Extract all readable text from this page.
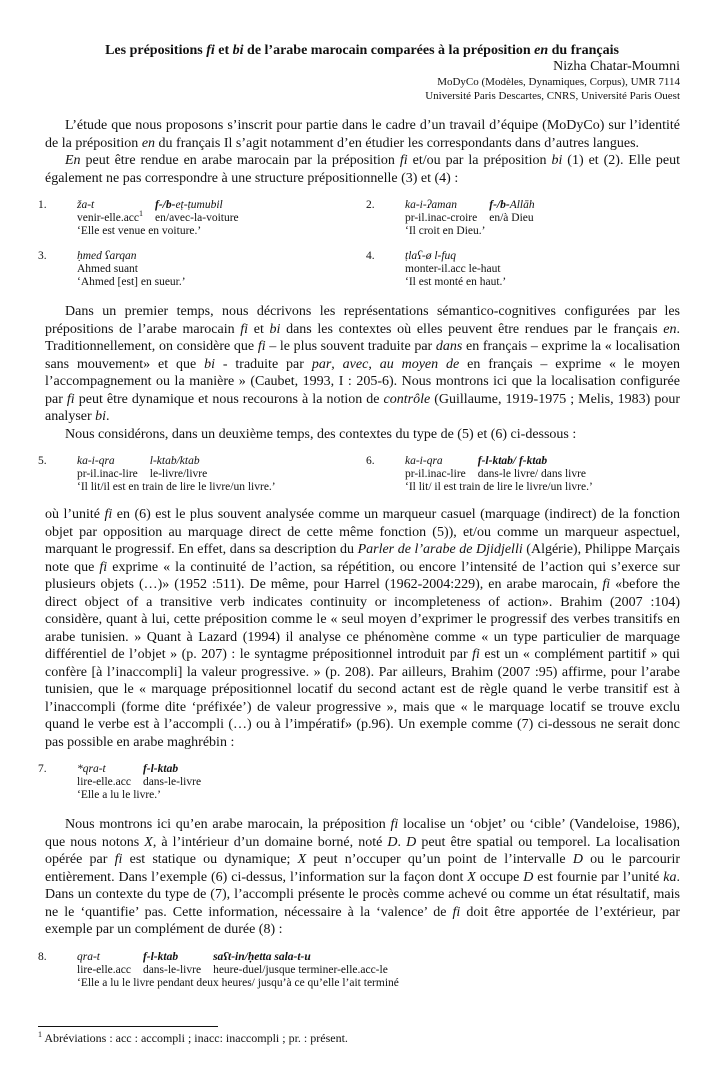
Les prépositions fi et bi de l’arabe marocain comparées à la préposition en du français
Nizha Chatar-Moumni
MoDyCo (Modèles, Dynamiques, Corpus), UMR 7114
Université Paris Descartes, CNRS, Université Paris Ouest

L’étude que nous proposons s’inscrit pour partie dans le cadre d’un travail d’équipe (MoDyCo) sur l’identité de la préposition en du français Il s’agit notamment d’en étudier les correspondants dans d’autres langues.

En peut être rendue en arabe marocain par la préposition fi et/ou par la préposition bi (1) et (2). Elle peut également ne pas correspondre à une structure prépositionnelle (3) et (4) :

1.	ža-t	f-/b-eṭ-ṭumubil
venir-elle.acc$^1$ en/avec-la-voiture
‘Elle est venue en voiture.’
2.	ka-i-ʔaman	f-/b-Allāh
pr-il.inac-croire en/à Dieu
‘Il croit en Dieu.’
3.	ḥmed ʕarqan
Ahmed suant
‘Ahmed [est] en sueur.’
4.	ṭlaʕ-ø l-fuq
monter-il.acc le-haut
‘Il est monté en haut.’

Dans un premier temps, nous décrivons les représentations sémantico-cognitives configurées par les prépositions de l’arabe marocain fi et bi dans les contextes où elles peuvent être rendues par le français en. Traditionnellement, on considère que fi – le plus souvent traduite par dans en français – exprime la « localisation sans mouvement» et que bi - traduite par par, avec, au moyen de en français – exprime « le moyen l’accompagnement ou la manière » (Caubet, 1993, I : 205-6). Nous montrons ici que la localisation configurée par fi peut être dynamique et nous recourons à la notion de contrôle (Guillaume, 1919-1975 ; Melis, 1983) pour analyser bi.

Nous considérons, dans un deuxième temps, des contextes du type de (5) et (6) ci-dessous :

5.	ka-i-qra	l-ktab/ktab
pr-il.inac-lire le-livre/livre
‘Il lit/il est en train de lire le livre/un livre.’
6.	ka-i-qra	f-l-ktab/ f-ktab
pr-il.inac-lire dans-le livre/ dans livre
‘Il lit/ il est train de lire le livre/un livre.’

où l’unité fi en (6) est le plus souvent analysée comme un marqueur casuel (marquage (indirect) de la fonction objet par opposition au marquage direct de cette même fonction (5)), et/ou comme un marqueur aspectuel, marquant le progressif. En effet, dans sa description du Parler de l’arabe de Djidjelli (Algérie), Philippe Marçais note que fi exprime « la continuité de l’action, sa répétition, ou encore l’intensité de l’action qui s’exerce sur plusieurs objets (…)» (1952 :511). De même, pour Harrel (1962-2004:229), en arabe marocain, fi «before the direct object of a transitive verb indicates continuity or incompleteness of action». Brahim (2007 :104) considère, quant à lui, cette préposition comme le « seul moyen d’exprimer le progressif des verbes transitifs en arabe tunisien. » Quant à Lazard (1994) il analyse ce phénomène comme « un type particulier de marquage différentiel de l’objet » (p. 207) : le syntagme prépositionnel introduit par fi est un « complément partitif » qui confère [à l’inaccompli] la valeur progressive. » (p. 208). Par ailleurs, Brahim (2007 :95) affirme, pour l’arabe tunisien, que le « marquage prépositionnel locatif du second actant est de règle quand le verbe transitif est à l’inaccompli (forme dite ‘préfixée’) de valeur progressive », mais que « le marquage locatif se trouve exclu quand le verbe est à l’accompli (…) ou à l’impératif» (p.96). Un exemple comme (7) ci-dessous ne serait donc pas possible en arabe maghrébin :

7.	*qra-t	f-l-ktab
lire-elle.acc dans-le-livre
‘Elle a lu le livre.’

Nous montrons ici qu’en arabe marocain, la préposition fi localise un ‘objet’ ou ‘cible’ (Vandeloise, 1986), que nous notons X, à l’intérieur d’un domaine borné, noté D. D peut être spatial ou temporel. La localisation opérée par fi est statique ou dynamique; X peut n’occuper qu’un point de l’intervalle D ou le parcourir entièrement. Dans l’exemple (6) ci-dessus, l’information sur la façon dont X occupe D est fournie par l’unité ka. Dans un contexte du type de (7), l’accompli présente le procès comme achevé ou comme un état résultatif, mais ne le ‘quantifie’ pas. Cette information, nécessaire à la ‘valence’ de fi doit être apportée de l’extérieur, par exemple par un complément de durée (8) :

8.	qra-t	f-l-ktab	saʕt-in/ḥetta sala-t-u
lire-elle.acc dans-le-livre heure-duel/jusque terminer-elle.acc-le
‘Elle a lu le livre pendant deux heures/ jusqu’à ce qu’elle l’ait terminé
$^1$ Abréviations : acc : accompli ; inacc: inaccompli ; pr. : présent.
